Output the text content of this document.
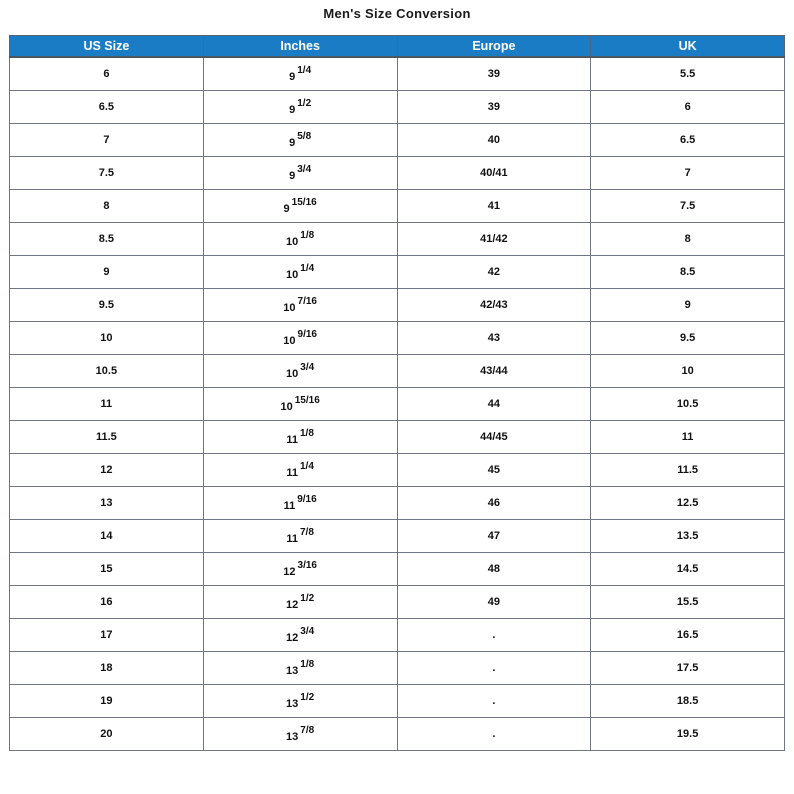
Men's Size Conversion
US Size	Inches	Europe	UK
6	91/4	39	5.5
6.5	91/2	39	6
7	95/8	40	6.5
7.5	93/4	40/41	7
8	915/16	41	7.5
8.5	101/8	41/42	8
9	101/4	42	8.5
9.5	107/16	42/43	9
10	109/16	43	9.5
10.5	103/4	43/44	10
11	1015/16	44	10.5
11.5	111/8	44/45	11
12	111/4	45	11.5
13	119/16	46	12.5
14	117/8	47	13.5
15	123/16	48	14.5
16	121/2	49	15.5
17	123/4	.	16.5
18	131/8	.	17.5
19	131/2	.	18.5
20	137/8	.	19.5
